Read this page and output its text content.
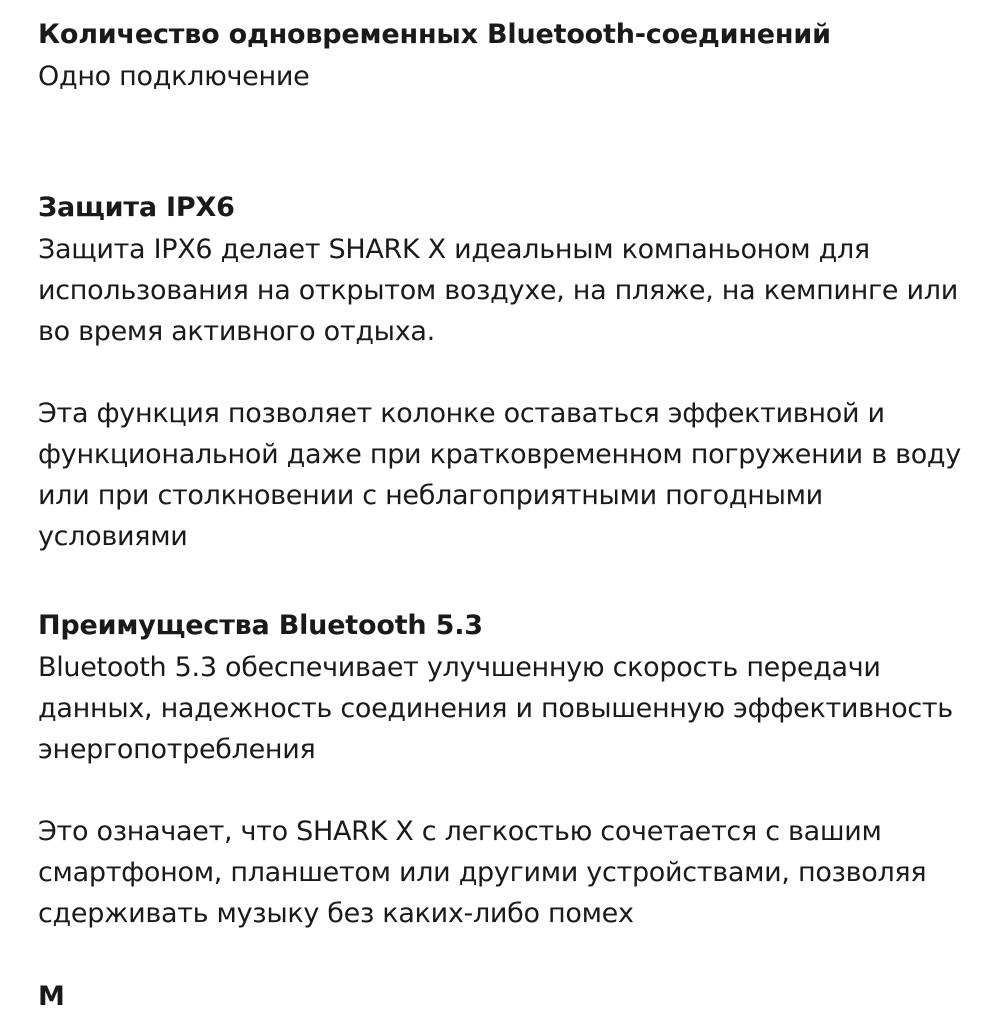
Количество одновременных Bluetooth-соединений

Одно подключение

Защита IPX6

Защита IPX6 делает SHARK X идеальным компаньоном для использования на открытом воздухе, на пляже, на кемпинге или во время активного отдыха.

Эта функция позволяет колонке оставаться эффективной и функциональной даже при кратковременном погружении в воду или при столкновении с неблагоприятными погодными условиями

Преимущества Bluetooth 5.3

Bluetooth 5.3 обеспечивает улучшенную скорость передачи данных, надежность соединения и повышенную эффективность энергопотребления

Это означает, что SHARK X с легкостью сочетается с вашим смартфоном, планшетом или другими устройствами, позволяя сдерживать музыку без каких-либо помех

М
